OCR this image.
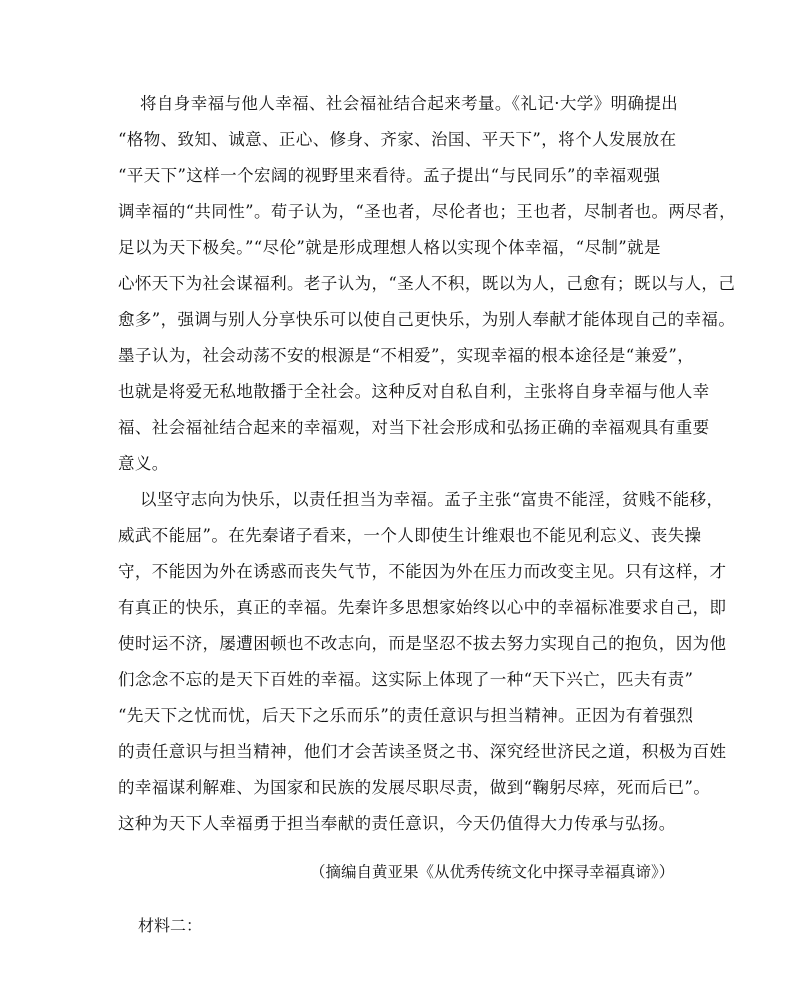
将自身幸福与他人幸福、社会福祉结合起来考量。《礼记·大学》明确提出
“格物、致知、诚意、正心、修身、齐家、治国、平天下”，将个人发展放在
“平天下”这样一个宏阔的视野里来看待。孟子提出“与民同乐”的幸福观强
调幸福的“共同性”。荀子认为，“圣也者，尽伦者也；王也者，尽制者也。两尽者，
足以为天下极矣。”“尽伦”就是形成理想人格以实现个体幸福，“尽制”就是
心怀天下为社会谋福利。老子认为，“圣人不积，既以为人，己愈有；既以与人，己
愈多”，强调与别人分享快乐可以使自己更快乐，为别人奉献才能体现自己的幸福。
墨子认为，社会动荡不安的根源是“不相爱”，实现幸福的根本途径是“兼爱”，
也就是将爱无私地散播于全社会。这种反对自私自利，主张将自身幸福与他人幸
福、社会福祉结合起来的幸福观，对当下社会形成和弘扬正确的幸福观具有重要
意义。
以坚守志向为快乐，以责任担当为幸福。孟子主张“富贵不能淫，贫贱不能移，
威武不能屈”。在先秦诸子看来，一个人即使生计维艰也不能见利忘义、丧失操
守，不能因为外在诱惑而丧失气节，不能因为外在压力而改变主见。只有这样，才
有真正的快乐，真正的幸福。先秦许多思想家始终以心中的幸福标准要求自己，即
使时运不济，屡遭困顿也不改志向，而是坚忍不拔去努力实现自己的抱负，因为他
们念念不忘的是天下百姓的幸福。这实际上体现了一种“天下兴亡，匹夫有责”
“先天下之忧而忧，后天下之乐而乐”的责任意识与担当精神。正因为有着强烈
的责任意识与担当精神，他们才会苦读圣贤之书、深究经世济民之道，积极为百姓
的幸福谋利解难、为国家和民族的发展尽职尽责，做到“鞠躬尽瘁，死而后已”。
这种为天下人幸福勇于担当奉献的责任意识，今天仍值得大力传承与弘扬。
（摘编自黄亚果《从优秀传统文化中探寻幸福真谛》）
材料二：
